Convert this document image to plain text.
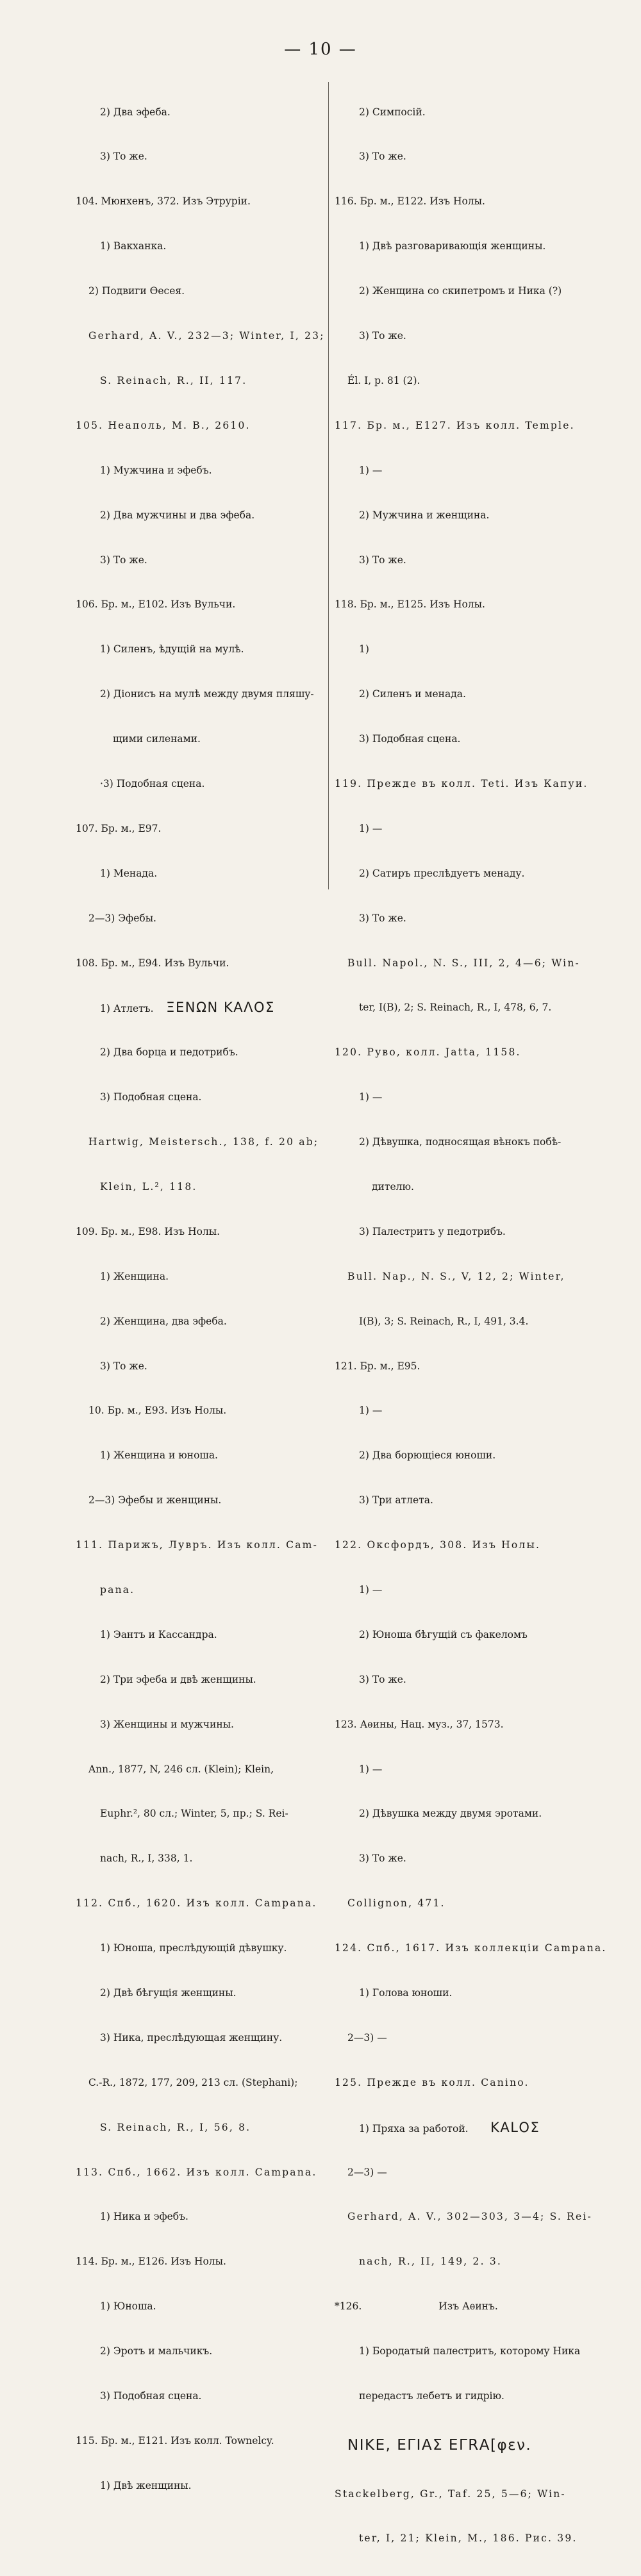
— 10 —

2) Два эфеба.

3) То же.

104. Мюнхенъ, 372. Изъ Этруріи.

1) Вакханка.

2) Подвиги Ѳесея.

Gerhard, A. V., 232—3; Winter, I, 23;

S. Reinach, R., II, 117.

105. Неаполь, M. B., 2610.

1) Мужчина и эфебъ.

2) Два мужчины и два эфеба.

3) То же.

106. Бр. м., E102. Изъ Вульчи.

1) Силенъ, ѣдущій на мулѣ.

2) Діонисъ на мулѣ между двумя пляшу-

щими силенами.

·3) Подобная сцена.

107. Бр. м., E97.

1) Менада.

2—3) Эфебы.

108. Бр. м., E94. Изъ Вульчи.

1) Атлетъ. ΞΕΝΩΝ ΚΑΛΟΣ

2) Два борца и педотрибъ.

3) Подобная сцена.

Hartwig, Meistersch., 138, f. 20 ab;

Klein, L.², 118.

109. Бр. м., E98. Изъ Нолы.

1) Женщина.

2) Женщина, два эфеба.

3) То же.

10. Бр. м., E93. Изъ Нолы.

1) Женщина и юноша.

2—3) Эфебы и женщины.

111. Парижъ, Лувръ. Изъ колл. Cam-

pana.

1) Эантъ и Кассандра.

2) Три эфеба и двѣ женщины.

3) Женщины и мужчины.

Ann., 1877, N, 246 сл. (Klein); Klein,

Euphr.², 80 сл.; Winter, 5, пр.; S. Rei-

nach, R., I, 338, 1.

112. Спб., 1620. Изъ колл. Campana.

1) Юноша, преслѣдующій дѣвушку.

2) Двѣ бѣгущія женщины.

3) Ника, преслѣдующая женщину.

C.-R., 1872, 177, 209, 213 сл. (Stephani);

S. Reinach, R., I, 56, 8.

113. Спб., 1662. Изъ колл. Campana.

1) Ника и эфебъ.

114. Бр. м., E126. Изъ Нолы.

1) Юноша.

2) Эротъ и мальчикъ.

3) Подобная сцена.

115. Бр. м., E121. Изъ колл. Townelcy.

1) Двѣ женщины.

2) Симпосій.

3) То же.

116. Бр. м., E122. Изъ Нолы.

1) Двѣ разговаривающія женщины.

2) Женщина со скипетромъ и Ника (?)

3) То же.

Él. I, p. 81 (2).

117. Бр. м., E127. Изъ колл. Temple.

1) —

2) Мужчина и женщина.

3) То же.

118. Бр. м., E125. Изъ Нолы.

1)

2) Силенъ и менада.

3) Подобная сцена.

119. Прежде въ колл. Teti. Изъ Капуи.

1) —

2) Сатиръ преслѣдуетъ менаду.

3) То же.

Bull. Napol., N. S., III, 2, 4—6; Win-

ter, I(B), 2; S. Reinach, R., I, 478, 6, 7.

120. Рувo, колл. Jatta, 1158.

1) —

2) Дѣвушка, подносящая вѣнокъ побѣ-

дителю.

3) Палестритъ у педотрибъ.

Bull. Nap., N. S., V, 12, 2; Winter,

I(B), 3; S. Reinach, R., I, 491, 3.4.

121. Бр. м., E95.

1) —

2) Два борющіеся юноши.

3) Три атлета.

122. Оксфордъ, 308. Изъ Нолы.

1) —

2) Юноша бѣгущій съ факеломъ

3) То же.

123. Аѳины, Нац. муз., 37, 1573.

1) —

2) Дѣвушка между двумя эротами.

3) То же.

Collignon, 471.

124. Спб., 1617. Изъ коллекціи Campana.

1) Голова юноши.

2—3) —

125. Прежде въ колл. Canino.

1) Пряха за работой. ΚΑLΟΣ

2—3) —

Gerhard, A. V., 302—303, 3—4; S. Rei-

nach, R., II, 149, 2. 3.

*126.	Изъ Аѳинъ.

1) Бородатый палестритъ, которому Ника

передастъ лебетъ и гидрію.

NIKE, ΕΓΙΑΣ ΕΓRΑ[φεν.

Stackelberg, Gr., Taf. 25, 5—6; Win-

ter, I, 21; Klein, M., 186. Рис. 39.
